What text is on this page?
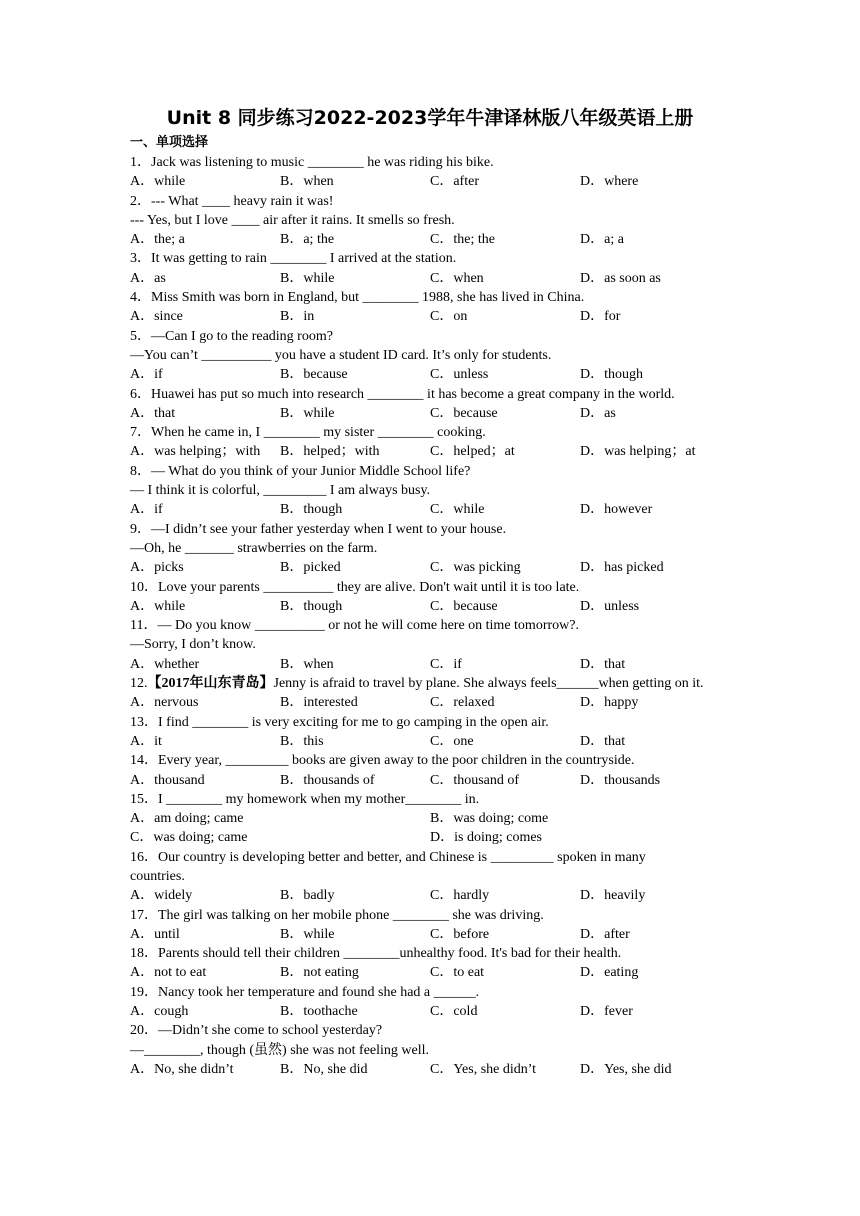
Unit 8 同步练习2022-2023学年牛津译林版八年级英语上册
一、单项选择
1．Jack was listening to music ________ he was riding his bike.
A．while	B．when	C．after	D．where
2．--- What ____ heavy rain it was!
--- Yes, but I love ____ air after it rains. It smells so fresh.
A．the; a	B．a; the	C．the; the	D．a; a
3．It was getting to rain ________ I arrived at the station.
A．as	B．while	C．when	D．as soon as
4．Miss Smith was born in England, but ________ 1988, she has lived in China.
A．since	B．in	C．on	D．for
5．—Can I go to the reading room?
—You can’t __________ you have a student ID card. It’s only for students.
A．if	B．because	C．unless	D．though
6．Huawei has put so much into research ________ it has become a great company in the world.
A．that	B．while	C．because	D．as
7．When he came in, I ________ my sister ________ cooking.
A．was helping；with B．helped；with	C．helped；at	D．was helping；at
8．— What do you think of your Junior Middle School life?
— I think it is colorful, _________ I am always busy.
A．if	B．though	C．while	D．however
9．—I didn’t see your father yesterday when I went to your house.
—Oh, he _______ strawberries on the farm.
A．picks	B．picked	C．was picking	D．has picked
10．Love your parents __________ they are alive. Don't wait until it is too late.
A．while	B．though	C．because	D．unless
11．— Do you know __________ or not he will come here on time tomorrow?.
—Sorry, I don’t know.
A．whether	B．when	C．if	D．that
12.【2017年山东青岛】Jenny is afraid to travel by plane. She always feels______when getting on it.
A．nervous	B．interested	C．relaxed	D．happy
13．I find ________ is very exciting for me to go camping in the open air.
A．it	B．this	C．one	D．that
14．Every year, _________ books are given away to the poor children in the countryside.
A．thousand	B．thousands of	C．thousand of	D．thousands
15．I ________ my homework when my mother________ in.
A．am doing; came	B．was doing; come
C．was doing; came	D．is doing; comes
16．Our country is developing better and better, and Chinese is _________ spoken in many
countries.
A．widely	B．badly	C．hardly	D．heavily
17．The girl was talking on her mobile phone ________ she was driving.
A．until	B．while	C．before	D．after
18．Parents should tell their children ________unhealthy food. It's bad for their health.
A．not to eat	B．not eating	C．to eat	D．eating
19．Nancy took her temperature and found she had a ______.
A．cough	B．toothache	C．cold	D．fever
20．—Didn’t she come to school yesterday?
—________, though (虽然) she was not feeling well.
A．No, she didn’t	B．No, she did	C．Yes, she didn’t	D．Yes, she did
